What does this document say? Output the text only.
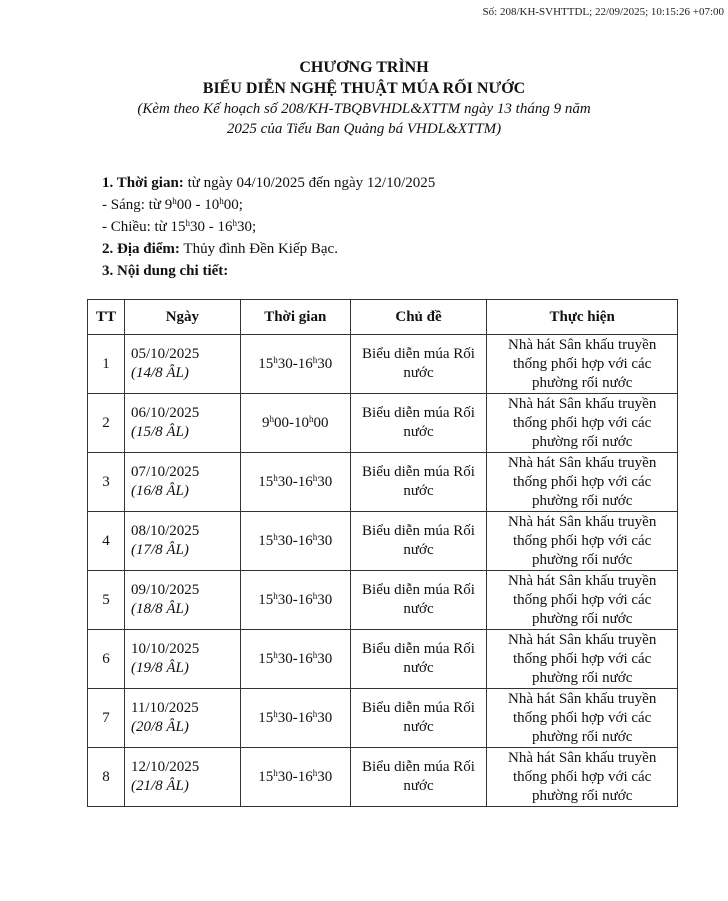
Số: 208/KH-SVHTTDL; 22/09/2025; 10:15:26 +07:00
CHƯƠNG TRÌNH
BIỂU DIỄN NGHỆ THUẬT MÚA RỐI NƯỚC
(Kèm theo Kế hoạch số 208/KH-TBQBVHDL&XTTM ngày 13 tháng 9 năm
2025 của Tiểu Ban Quảng bá VHDL&XTTM)
1. Thời gian: từ ngày 04/10/2025 đến ngày 12/10/2025
- Sáng: từ 9$^h$00 - 10$^h$00;
- Chiều: từ 15$^h$30 - 16$^h$30;
2. Địa điểm: Thủy đình Đền Kiếp Bạc.
3. Nội dung chi tiết:
TT	Ngày	Thời gian	Chủ đề	Thực hiện
1	05/10/2025
(14/8 ÂL)	15$^h$30-16$^h$30	Biểu diễn múa Rối nước	Nhà hát Sân khấu truyền thống phối hợp với các phường rối nước
2	06/10/2025
(15/8 ÂL)	9$^h$00-10$^h$00	Biểu diễn múa Rối nước	Nhà hát Sân khấu truyền thống phối hợp với các phường rối nước
3	07/10/2025
(16/8 ÂL)	15$^h$30-16$^h$30	Biểu diễn múa Rối nước	Nhà hát Sân khấu truyền thống phối hợp với các phường rối nước
4	08/10/2025
(17/8 ÂL)	15$^h$30-16$^h$30	Biểu diễn múa Rối nước	Nhà hát Sân khấu truyền thống phối hợp với các phường rối nước
5	09/10/2025
(18/8 ÂL)	15$^h$30-16$^h$30	Biểu diễn múa Rối nước	Nhà hát Sân khấu truyền thống phối hợp với các phường rối nước
6	10/10/2025
(19/8 ÂL)	15$^h$30-16$^h$30	Biểu diễn múa Rối nước	Nhà hát Sân khấu truyền thống phối hợp với các phường rối nước
7	11/10/2025
(20/8 ÂL)	15$^h$30-16$^h$30	Biểu diễn múa Rối nước	Nhà hát Sân khấu truyền thống phối hợp với các phường rối nước
8	12/10/2025
(21/8 ÂL)	15$^h$30-16$^h$30	Biểu diễn múa Rối nước	Nhà hát Sân khấu truyền thống phối hợp với các phường rối nước
